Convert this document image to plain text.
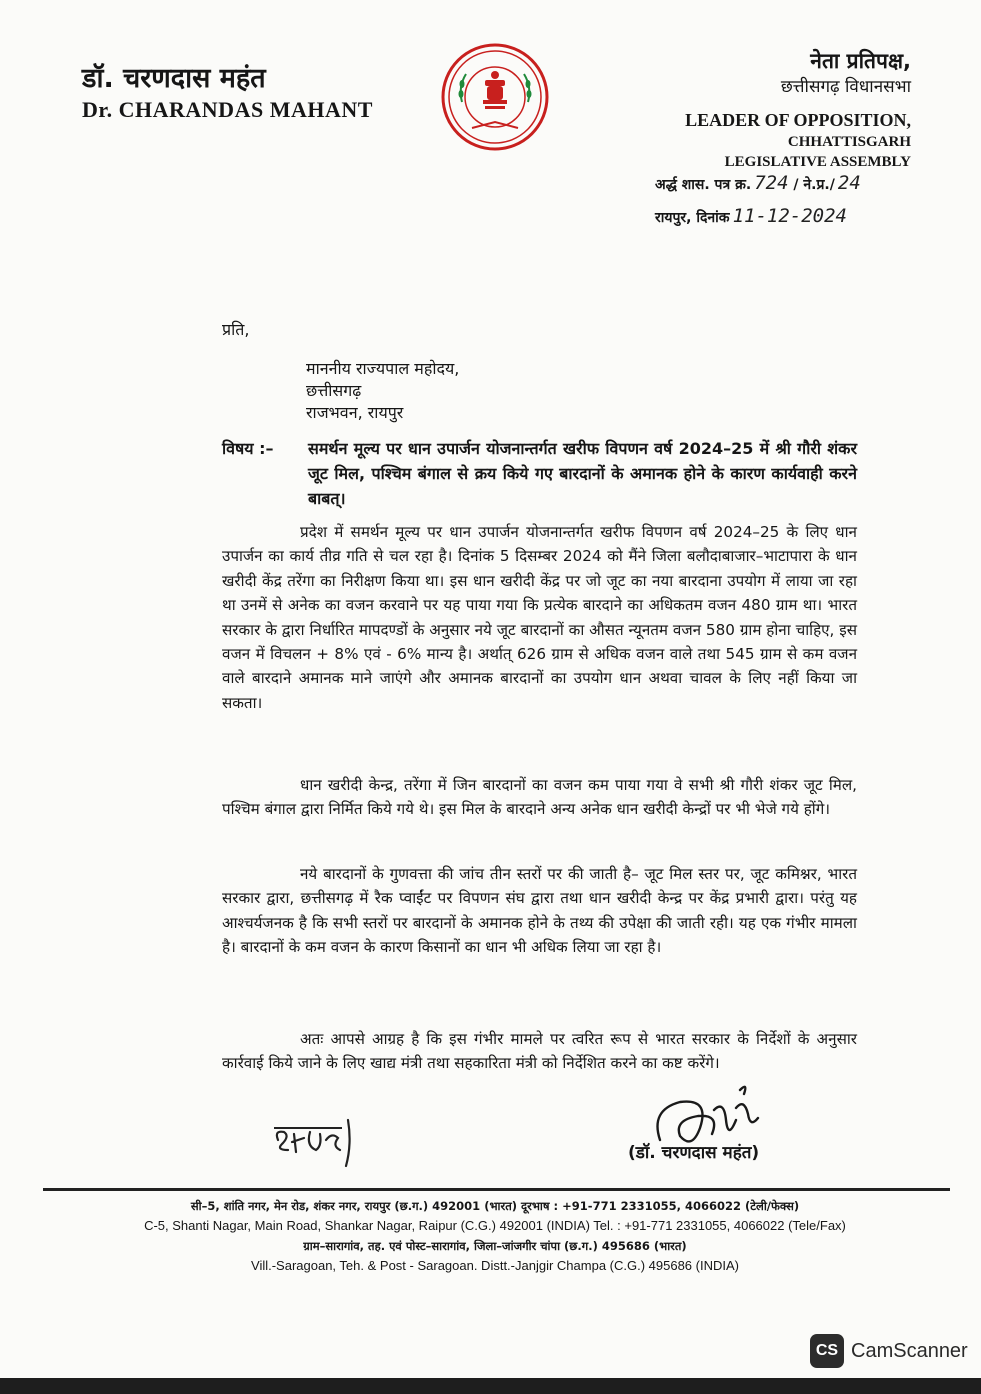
डॉ. चरणदास महंत
Dr. CHARANDAS MAHANT
नेता प्रतिपक्ष,
छत्तीसगढ़ विधानसभा
LEADER OF OPPOSITION,
CHHATTISGARH
LEGISLATIVE ASSEMBLY
अर्द्ध शास. पत्र क्र. 724 / ने.प्र./ 24
रायपुर, दिनांक 11-12-2024
प्रति,
माननीय राज्यपाल महोदय,
छत्तीसगढ़
राजभवन, रायपुर
विषय :–	समर्थन मूल्य पर धान उपार्जन योजनान्तर्गत खरीफ विपणन वर्ष 2024–25 में श्री गौरी शंकर जूट मिल, पश्चिम बंगाल से क्रय किये गए बारदानों के अमानक होने के कारण कार्यवाही करने बाबत्।
प्रदेश में समर्थन मूल्य पर धान उपार्जन योजनान्तर्गत खरीफ विपणन वर्ष 2024–25 के लिए धान उपार्जन का कार्य तीव्र गति से चल रहा है। दिनांक 5 दिसम्बर 2024 को मैंने जिला बलौदाबाजार–भाटापारा के धान खरीदी केंद्र तरेंगा का निरीक्षण किया था। इस धान खरीदी केंद्र पर जो जूट का नया बारदाना उपयोग में लाया जा रहा था उनमें से अनेक का वजन करवाने पर यह पाया गया कि प्रत्येक बारदाने का अधिकतम वजन 480 ग्राम था। भारत सरकार के द्वारा निर्धारित मापदण्डों के अनुसार नये जूट बारदानों का औसत न्यूनतम वजन 580 ग्राम होना चाहिए, इस वजन में विचलन + 8% एवं - 6% मान्य है। अर्थात् 626 ग्राम से अधिक वजन वाले तथा 545 ग्राम से कम वजन वाले बारदाने अमानक माने जाएंगे और अमानक बारदानों का उपयोग धान अथवा चावल के लिए नहीं किया जा सकता।
धान खरीदी केन्द्र, तरेंगा में जिन बारदानों का वजन कम पाया गया वे सभी श्री गौरी शंकर जूट मिल, पश्चिम बंगाल द्वारा निर्मित किये गये थे। इस मिल के बारदाने अन्य अनेक धान खरीदी केन्द्रों पर भी भेजे गये होंगे।
नये बारदानों के गुणवत्ता की जांच तीन स्तरों पर की जाती है– जूट मिल स्तर पर, जूट कमिश्नर, भारत सरकार द्वारा, छत्तीसगढ़ में रैक प्वाईंट पर विपणन संघ द्वारा तथा धान खरीदी केन्द्र पर केंद्र प्रभारी द्वारा। परंतु यह आश्चर्यजनक है कि सभी स्तरों पर बारदानों के अमानक होने के तथ्य की उपेक्षा की जाती रही। यह एक गंभीर मामला है। बारदानों के कम वजन के कारण किसानों का धान भी अधिक लिया जा रहा है।
अतः आपसे आग्रह है कि इस गंभीर मामले पर त्वरित रूप से भारत सरकार के निर्देशों के अनुसार कार्रवाई किये जाने के लिए खाद्य मंत्री तथा सहकारिता मंत्री को निर्देशित करने का कष्ट करेंगे।
(डॉ. चरणदास महंत)
सी–5, शांति नगर, मेन रोड, शंकर नगर, रायपुर (छ.ग.) 492001 (भारत) दूरभाष : +91-771 2331055, 4066022 (टेली/फेक्स)
C-5, Shanti Nagar, Main Road, Shankar Nagar, Raipur (C.G.) 492001 (INDIA) Tel. : +91-771 2331055, 4066022 (Tele/Fax)
ग्राम–सारागांव, तह. एवं पोस्ट–सारागांव, जिला–जांजगीर चांपा (छ.ग.) 495686 (भारत)
Vill.-Saragoan, Teh. & Post - Saragoan. Distt.-Janjgir Champa (C.G.) 495686 (INDIA)
CS CamScanner
